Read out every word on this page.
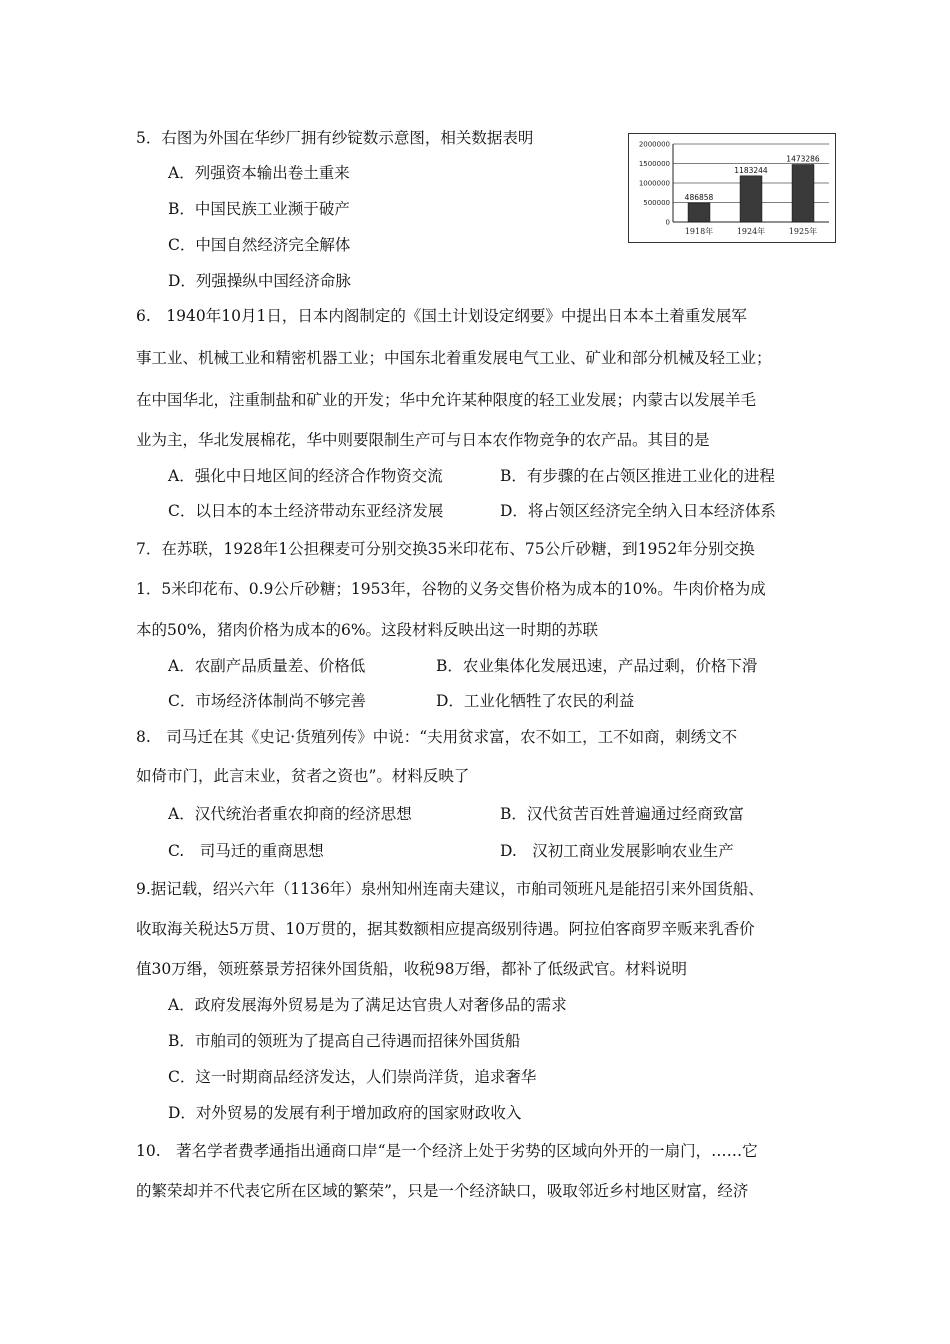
5．右图为外国在华纱厂拥有纱锭数示意图，相关数据表明
A．列强资本输出卷土重来
B．中国民族工业濒于破产
C．中国自然经济完全解体
D．列强操纵中国经济命脉
0
500000
1000000
1500000
2000000
486858
1918年
1183244
1924年
1473286
1925年
6.　1940年10月1日，日本内阁制定的《国土计划设定纲要》中提出日本本土着重发展军
事工业、机械工业和精密机器工业；中国东北着重发展电气工业、矿业和部分机械及轻工业；
在中国华北，注重制盐和矿业的开发；华中允许某种限度的轻工业发展；内蒙古以发展羊毛
业为主，华北发展棉花，华中则要限制生产可与日本农作物竞争的农产品。其目的是
A．强化中日地区间的经济合作物资交流	B．有步骤的在占领区推进工业化的进程
C．以日本的本土经济带动东亚经济发展	D．将占领区经济完全纳入日本经济体系
7．在苏联，1928年1公担稞麦可分别交换35米印花布、75公斤砂糖，到1952年分别交换
1．5米印花布、0.9公斤砂糖；1953年，谷物的义务交售价格为成本的10%。牛肉价格为成
本的50%，猪肉价格为成本的6%。这段材料反映出这一时期的苏联
A．农副产品质量差、价格低	B．农业集体化发展迅速，产品过剩，价格下滑
C．市场经济体制尚不够完善	D．工业化牺牲了农民的利益
8.　司马迁在其《史记·货殖列传》中说：“夫用贫求富，农不如工，工不如商，刺绣文不
如倚市门，此言末业，贫者之资也”。材料反映了
A．汉代统治者重农抑商的经济思想	B．汉代贫苦百姓普遍通过经商致富
C.　司马迁的重商思想	D.　汉初工商业发展影响农业生产
9.据记载，绍兴六年（1136年）泉州知州连南夫建议，市舶司领班凡是能招引来外国货船、
收取海关税达5万贯、10万贯的，据其数额相应提高级别待遇。阿拉伯客商罗辛贩来乳香价
值30万缗，领班蔡景芳招徕外国货船，收税98万缗，都补了低级武官。材料说明
A．政府发展海外贸易是为了满足达官贵人对奢侈品的需求
B．市舶司的领班为了提高自己待遇而招徕外国货船
C．这一时期商品经济发达，人们崇尚洋货，追求奢华
D．对外贸易的发展有利于增加政府的国家财政收入
10.　著名学者费孝通指出通商口岸“是一个经济上处于劣势的区域向外开的一扇门，……它
的繁荣却并不代表它所在区域的繁荣”，只是一个经济缺口，吸取邻近乡村地区财富，经济
